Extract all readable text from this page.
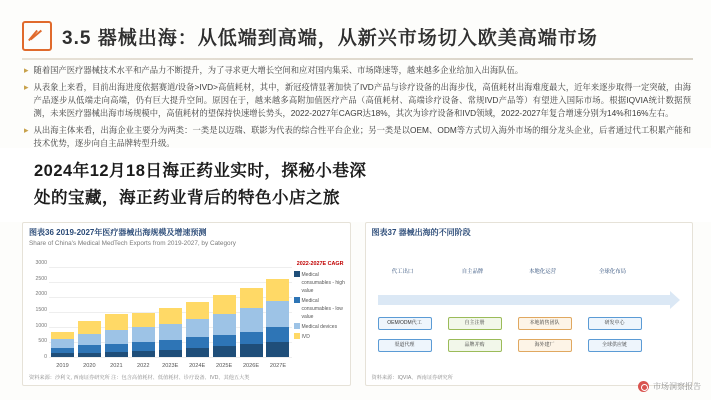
3.5 器械出海：从低端到高端，从新兴市场切入欧美高端市场
▸ 随着国产医疗器械技术水平和产品力不断提升，为了寻求更大增长空间和应对国内集采、市场降速等，越来越多企业给加入出海队伍。
▸ 从表象上来看，目前出海进度依据赛道/设备>IVD>高值耗材，其中，新冠疫情显著加快了IVD产品与诊疗设备的出海步伐，高值耗材出海难度最大，近年来逐步取得一定突破，由海产品逐步从低端走向高端，仍有巨大提升空间。原因在于，越来越多高附加值医疗产品（高值耗材、高端诊疗设备、常规IVD产品等）有望进入国际市场。根据IQVIA统计数据预测，未来医疗器械出海市场规模中，高值耗材的望保持快速增长势头，2022-2027年CAGR达18%，其次为诊疗设备和IVD领域，2022-2027年复合增速分别为14%和16%左右。
▸ 从出海主体来看，出海企业主要分为两类：一类是以迈瑞、联影为代表的综合性平台企业；另一类是以OEM、ODM等方式切入海外市场的细分龙头企业，后者通过代工积累产能和技术优势，逐步向自主品牌转型升级。
图表36 2019-2027年医疗器械出海规模及增速预测
Share of China's Medical MedTech Exports from 2019-2027, by Category
2022-2027E CAGR
3000
2500
2000
1500
1000
500
0
2019	2020	2021	2022	2023E	2024E	2025E	2026E	2027E
Medical consumables - high value
Medical consumables - low value
Medical devices
IVD
资料来源：沙利文, 西南证券研究所 注：包含高值耗材、低值耗材、诊疗设备、IVD、其他五大类
图表37 器械出海的不同阶段
代工出口	自主品牌	本地化运营	全球化布局
OEM/ODM代工
渠道代理
自主注册
品牌并购
本地销售团队
海外建厂
研发中心
全球供应链
资料来源：IQVIA、西南证券研究所
市场洞察报告
2024年12月18日海正药业实时，探秘小巷深
处的宝藏，海正药业背后的特色小店之旅
